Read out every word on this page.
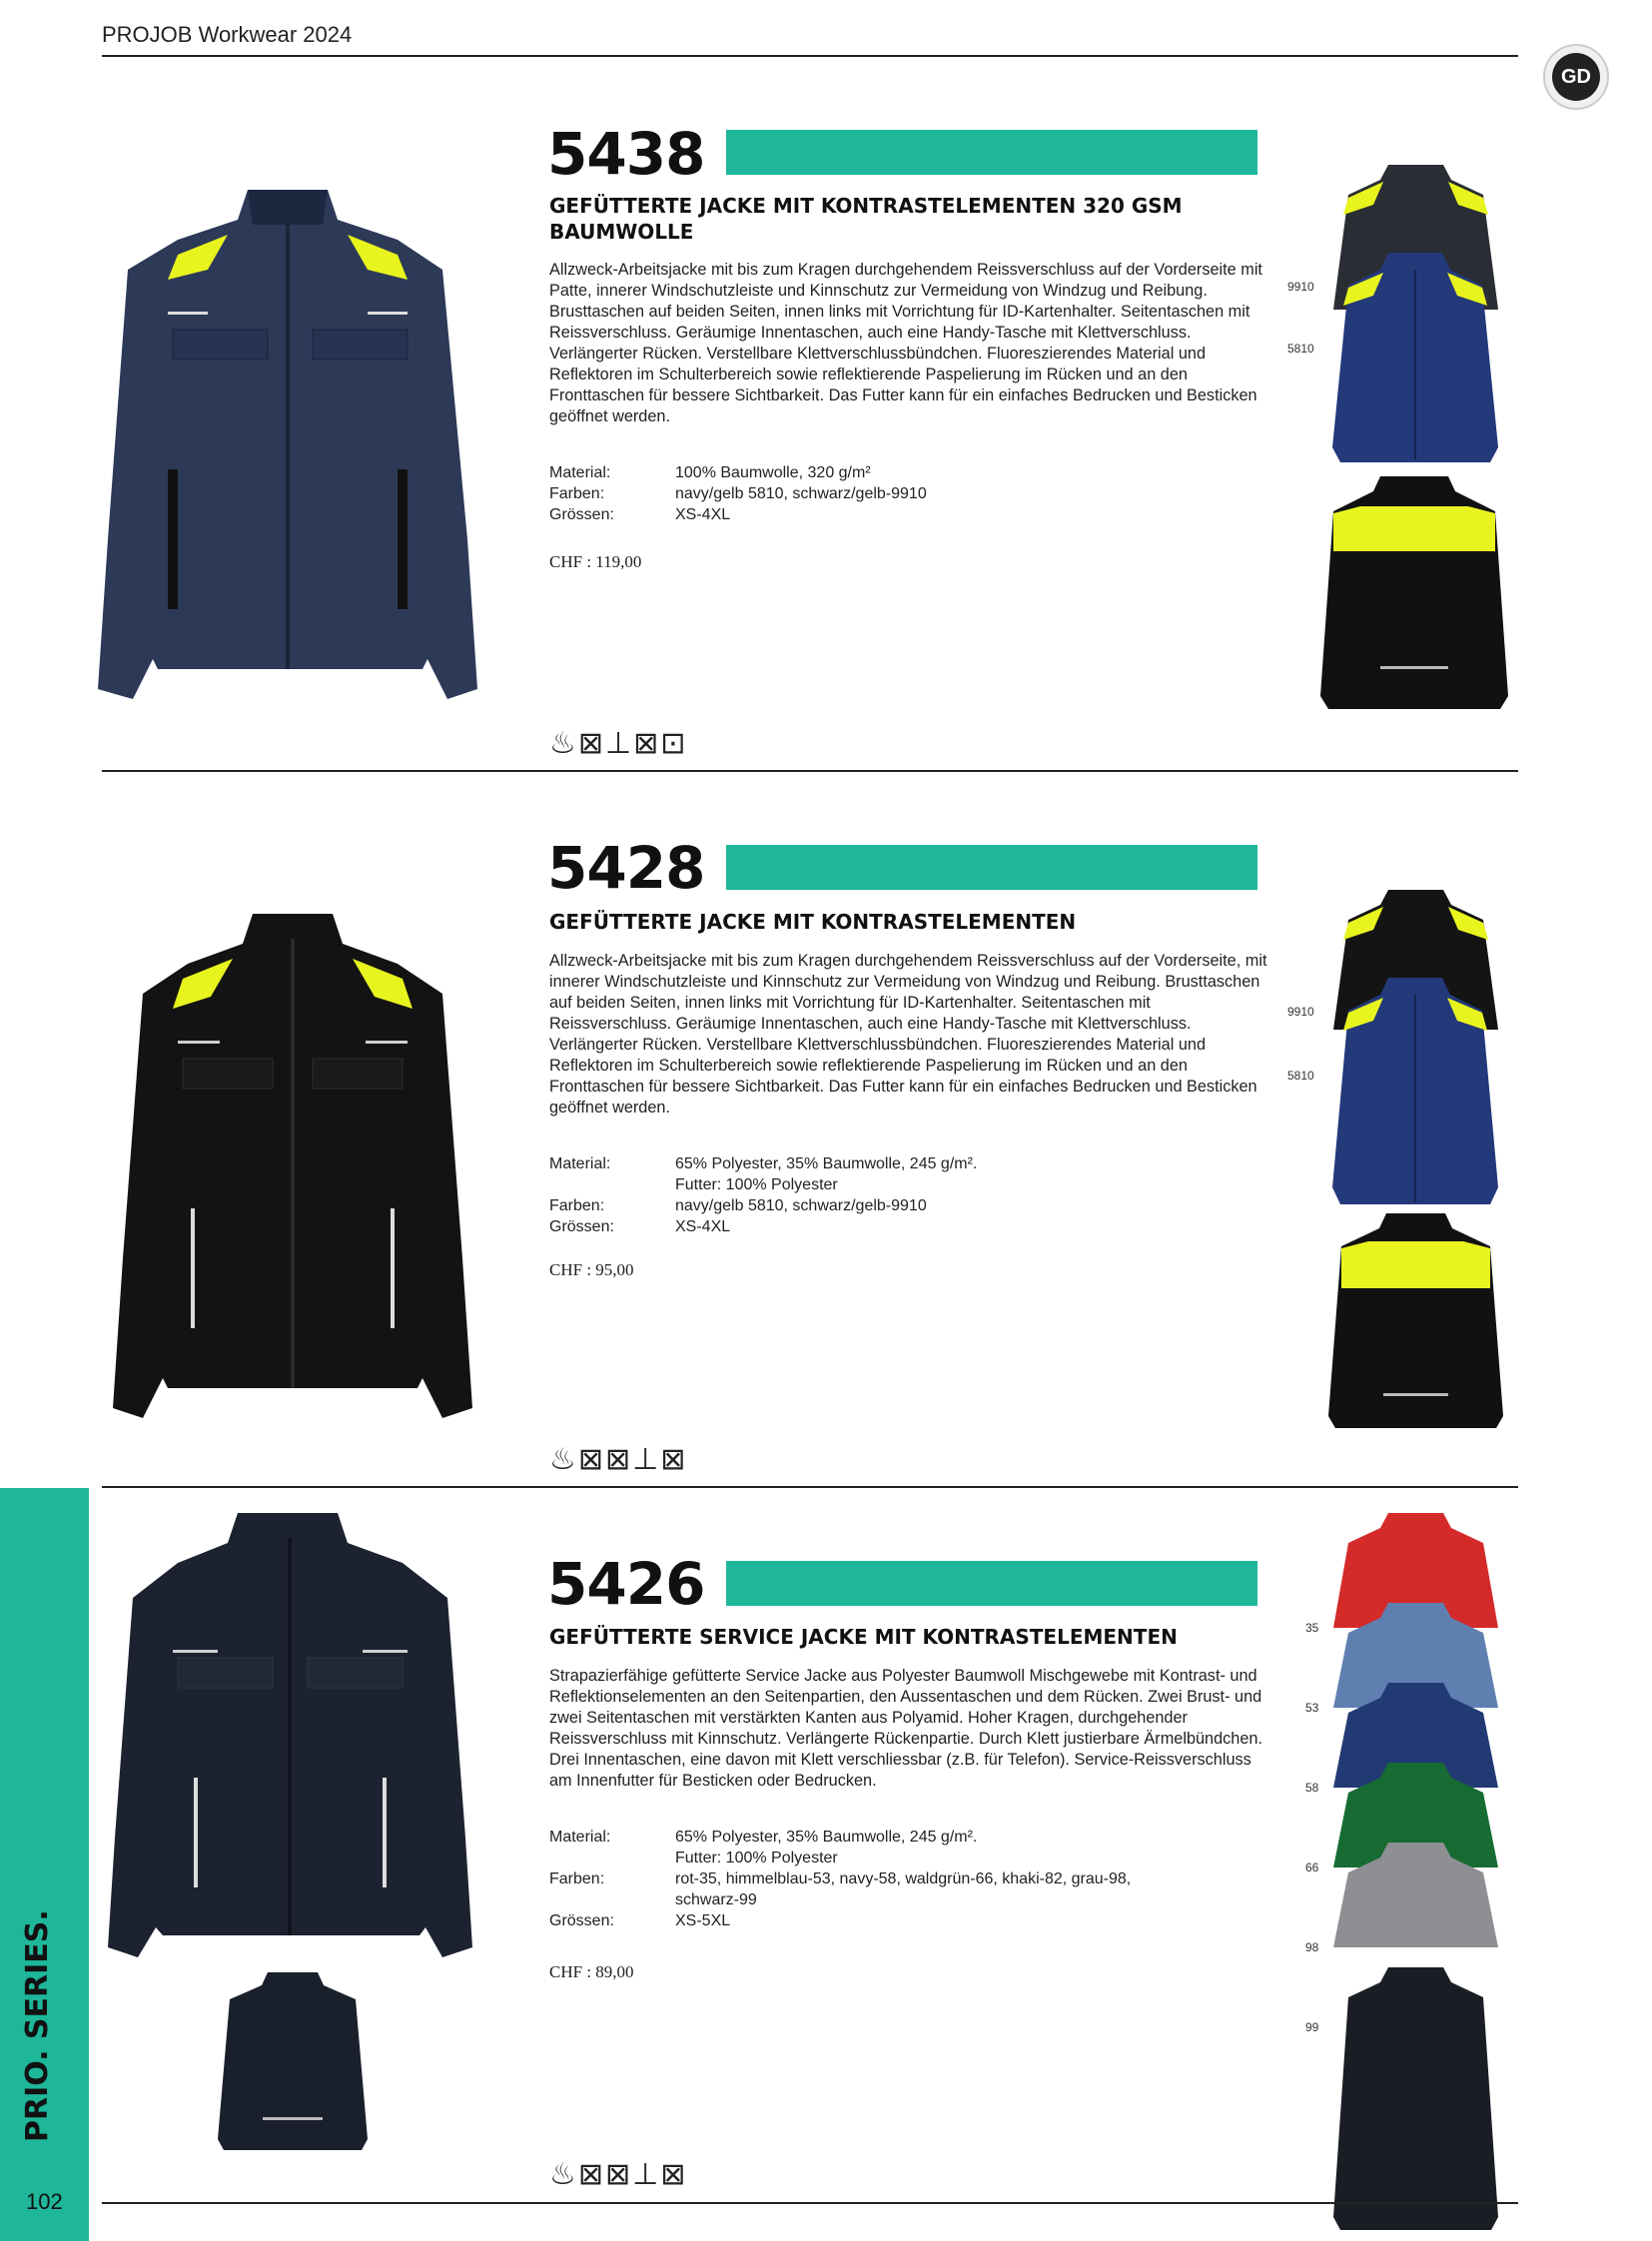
PROJOB Workwear 2024
GD
5438
GEFÜTTERTE JACKE MIT KONTRASTELEMENTEN 320 GSM BAUMWOLLE
Allzweck-Arbeitsjacke mit bis zum Kragen durchgehendem Reissverschluss auf der Vorderseite mit Patte, innerer Windschutzleiste und Kinnschutz zur Vermeidung von Windzug und Reibung. Brusttaschen auf beiden Seiten, innen links mit Vorrichtung für ID-Kartenhalter. Seitentaschen mit Reissverschluss. Geräumige Innentaschen, auch eine Handy-Tasche mit Klettverschluss. Verlängerter Rücken. Verstellbare Klettverschlussbündchen. Fluoreszierendes Material und Reflektoren im Schulterbereich sowie reflektierende Paspelierung im Rücken und an den Fronttaschen für bessere Sichtbarkeit. Das Futter kann für ein einfaches Bedrucken und Besticken geöffnet werden.
Material:	100% Baumwolle, 320 g/m²
Farben:	navy/gelb 5810, schwarz/gelb-9910
Grössen:	XS-4XL
CHF : 119,00
♨⊠⊥⊠⊡
9910
5810
5428
GEFÜTTERTE JACKE MIT KONTRASTELEMENTEN
Allzweck-Arbeitsjacke mit bis zum Kragen durchgehendem Reissverschluss auf der Vorderseite, mit innerer Windschutzleiste und Kinnschutz zur Vermeidung von Windzug und Reibung. Brusttaschen auf beiden Seiten, innen links mit Vorrichtung für ID-Kartenhalter. Seitentaschen mit Reissverschluss. Geräumige Innentaschen, auch eine Handy-Tasche mit Klettverschluss. Verlängerter Rücken. Verstellbare Klettverschlussbündchen. Fluoreszierendes Material und Reflektoren im Schulterbereich sowie reflektierende Paspelierung im Rücken und an den Fronttaschen für bessere Sichtbarkeit. Das Futter kann für ein einfaches Bedrucken und Besticken geöffnet werden.
Material:	65% Polyester, 35% Baumwolle, 245 g/m².
Futter: 100% Polyester
Farben:	navy/gelb 5810, schwarz/gelb-9910
Grössen:	XS-4XL
CHF : 95,00
♨⊠⊠⊥⊠
9910
5810
5426
GEFÜTTERTE SERVICE JACKE MIT KONTRASTELEMENTEN
Strapazierfähige gefütterte Service Jacke aus Polyester Baumwoll Mischgewebe mit Kontrast- und Reflektionselementen an den Seitenpartien, den Aussentaschen und dem Rücken. Zwei Brust- und zwei Seitentaschen mit verstärkten Kanten aus Polyamid. Hoher Kragen, durchgehender Reissverschluss mit Kinnschutz. Verlängerte Rückenpartie. Durch Klett justierbare Ärmelbündchen. Drei Innentaschen, eine davon mit Klett verschliessbar (z.B. für Telefon). Service-Reissverschluss am Innenfutter für Besticken oder Bedrucken.
Material:	65% Polyester, 35% Baumwolle, 245 g/m².
Futter: 100% Polyester
Farben:	rot-35, himmelblau-53, navy-58, waldgrün-66, khaki-82, grau-98,
schwarz-99
Grössen:	XS-5XL
CHF : 89,00
♨⊠⊠⊥⊠
35
53
58
66
98
99
PRIO. SERIES.
102
